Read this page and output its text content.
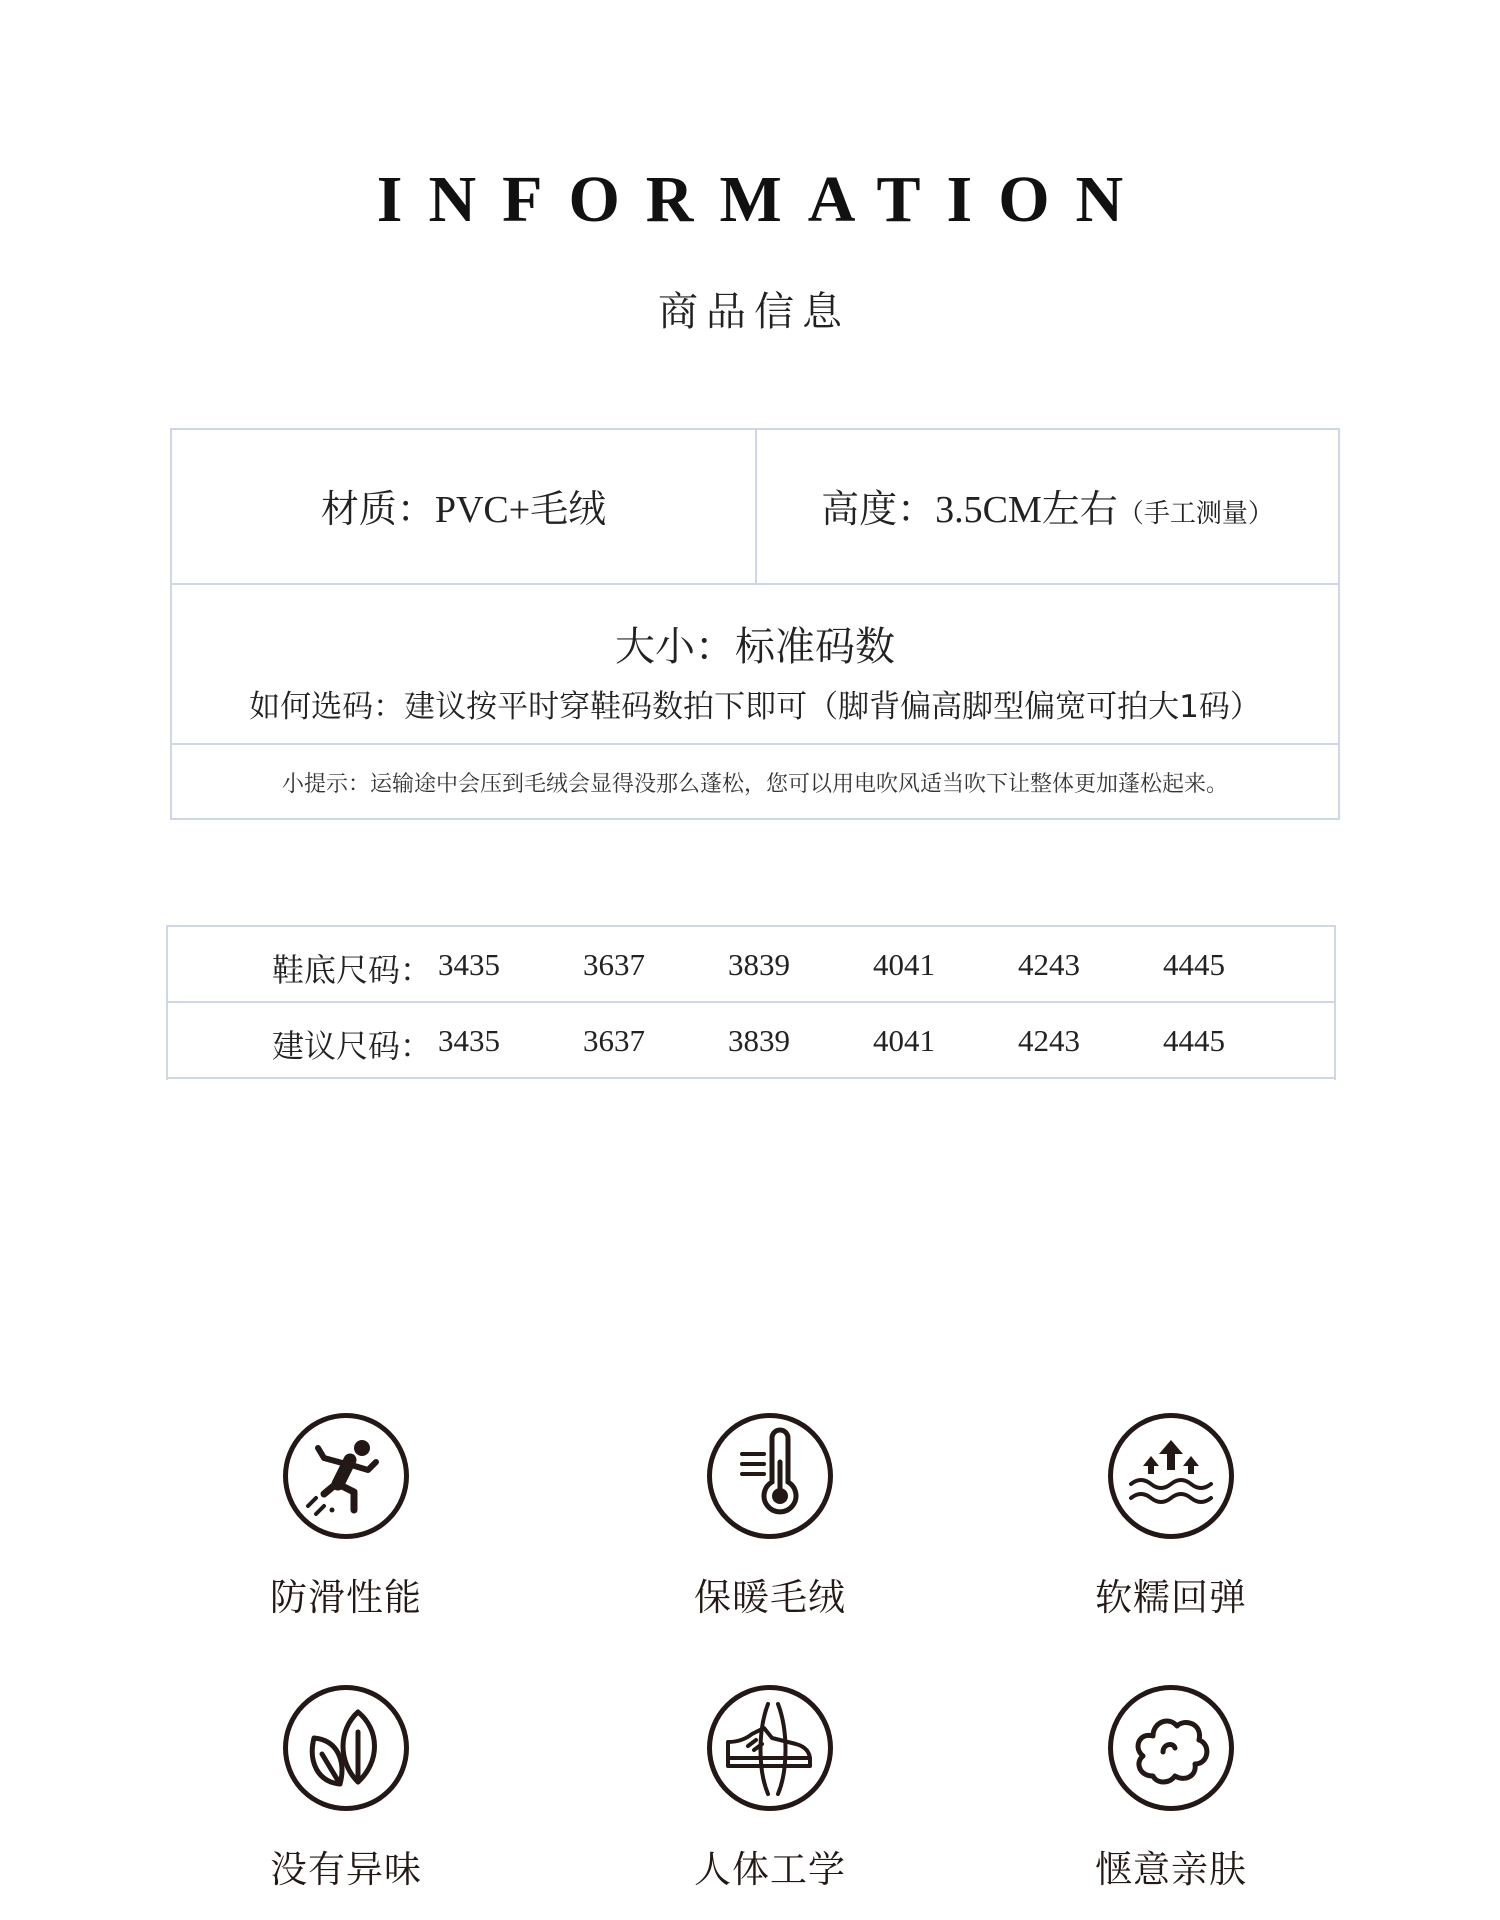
INFORMATION
商品信息
材质：PVC+毛绒	高度：3.5CM左右（手工测量）
大小：标准码数
如何选码：建议按平时穿鞋码数拍下即可（脚背偏高脚型偏宽可拍大1码）
小提示：运输途中会压到毛绒会显得没那么蓬松，您可以用电吹风适当吹下让整体更加蓬松起来。
鞋底尺码： 3435	3637	3839	4041	4243	4445
建议尺码： 3435	3637	3839	4041	4243	4445
防滑性能	保暖毛绒	软糯回弹
没有异味	人体工学	惬意亲肤
